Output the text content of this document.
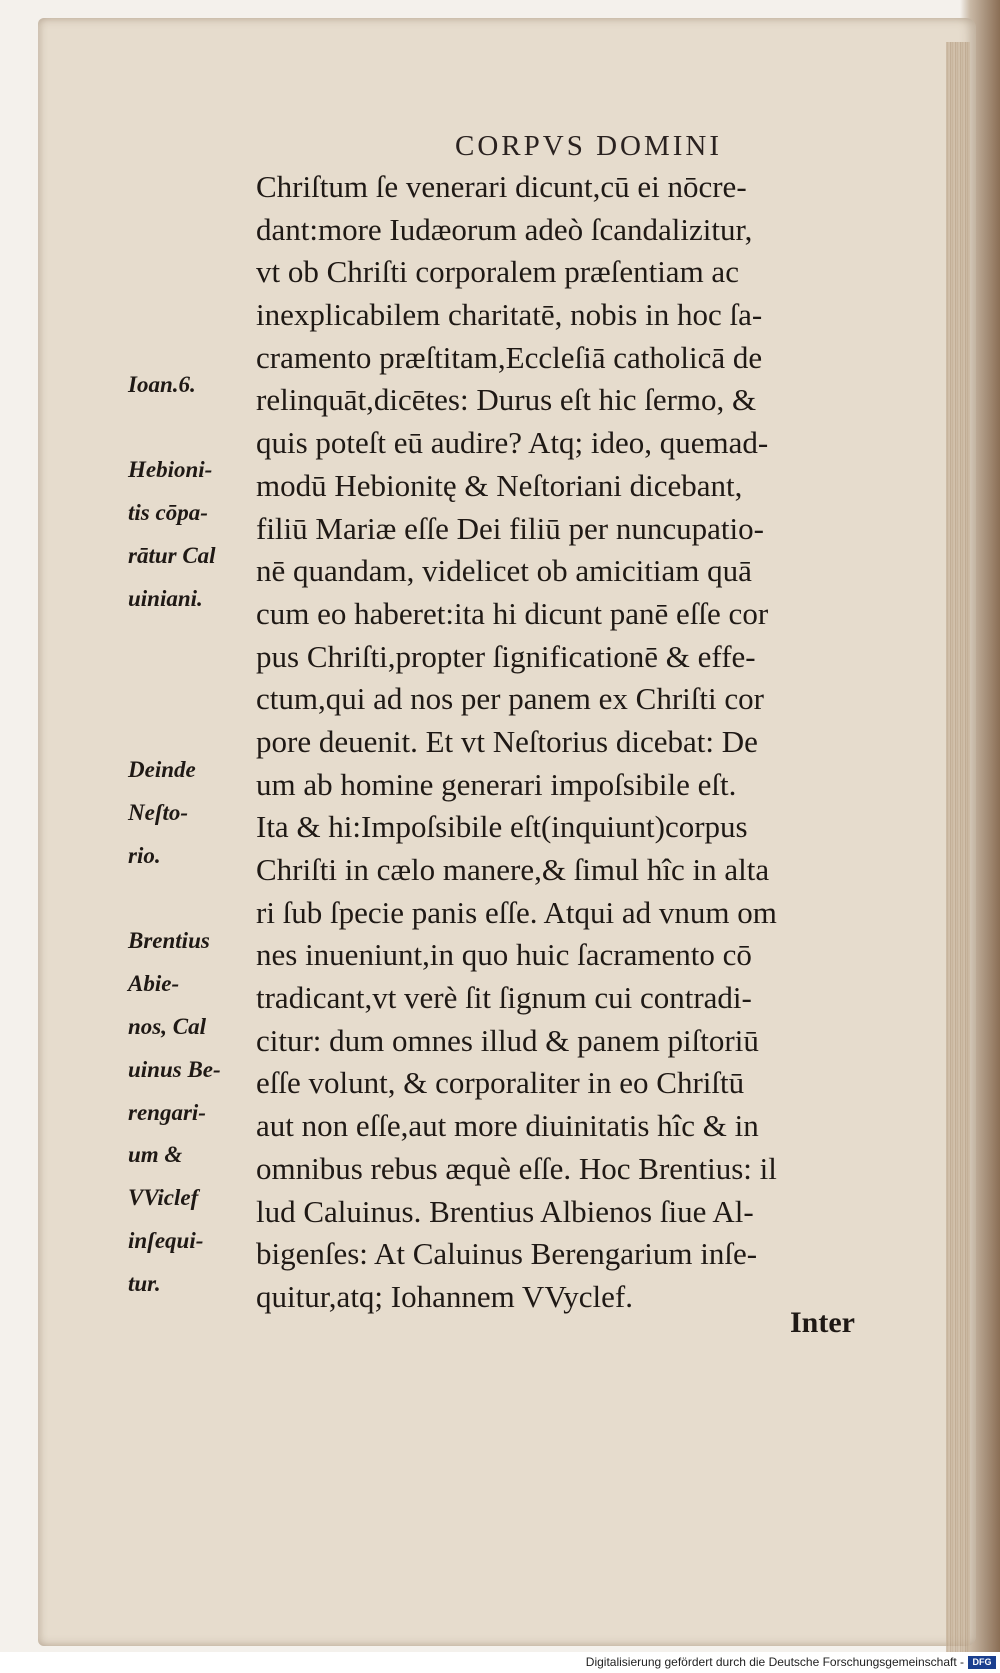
CORPVS DOMINI
Chriſtum ſe venerari dicunt,cū ei nōcre-
dant:more Iudæorum adeò ſcandalizitur,
vt ob Chriſti corporalem præſentiam ac
inexplicabilem charitatē, nobis in hoc ſa-
cramento præſtitam,Eccleſiā catholicā de
relinquāt,dicētes: Durus eſt hic ſermo, &
quis poteſt eū audire? Atq; ideo, quemad-
modū Hebionitę & Neſtoriani dicebant,
filiū Mariæ eſſe Dei filiū per nuncupatio-
nē quandam, videlicet ob amicitiam quā
cum eo haberet:ita hi dicunt panē eſſe cor
pus Chriſti,propter ſignificationē & effe-
ctum,qui ad nos per panem ex Chriſti cor
pore deuenit. Et vt Neſtorius dicebat: De
um ab homine generari impoſsibile eſt.
Ita & hi:Impoſsibile eſt(inquiunt)corpus
Chriſti in cælo manere,& ſimul hîc in alta
ri ſub ſpecie panis eſſe. Atqui ad vnum om
nes inueniunt,in quo huic ſacramento cō
tradicant,vt verè ſit ſignum cui contradi-
citur: dum omnes illud & panem piſtoriū
eſſe volunt, & corporaliter in eo Chriſtū
aut non eſſe,aut more diuinitatis hîc & in
omnibus rebus æquè eſſe. Hoc Brentius: il
lud Caluinus. Brentius Albienos ſiue Al-
bigenſes: At Caluinus Berengarium inſe-
quitur,atq; Iohannem VVyclef.
Ioan.6.
Hebioni-
tis cōpa-
rātur Cal
uiniani.
Deinde
Neſto-
rio.
Brentius
Abie-
nos, Cal
uinus Be-
rengari-
um &
VViclef
inſequi-
tur.
Inter
Digitalisierung gefördert durch die Deutsche Forschungsgemeinschaft - DFG
